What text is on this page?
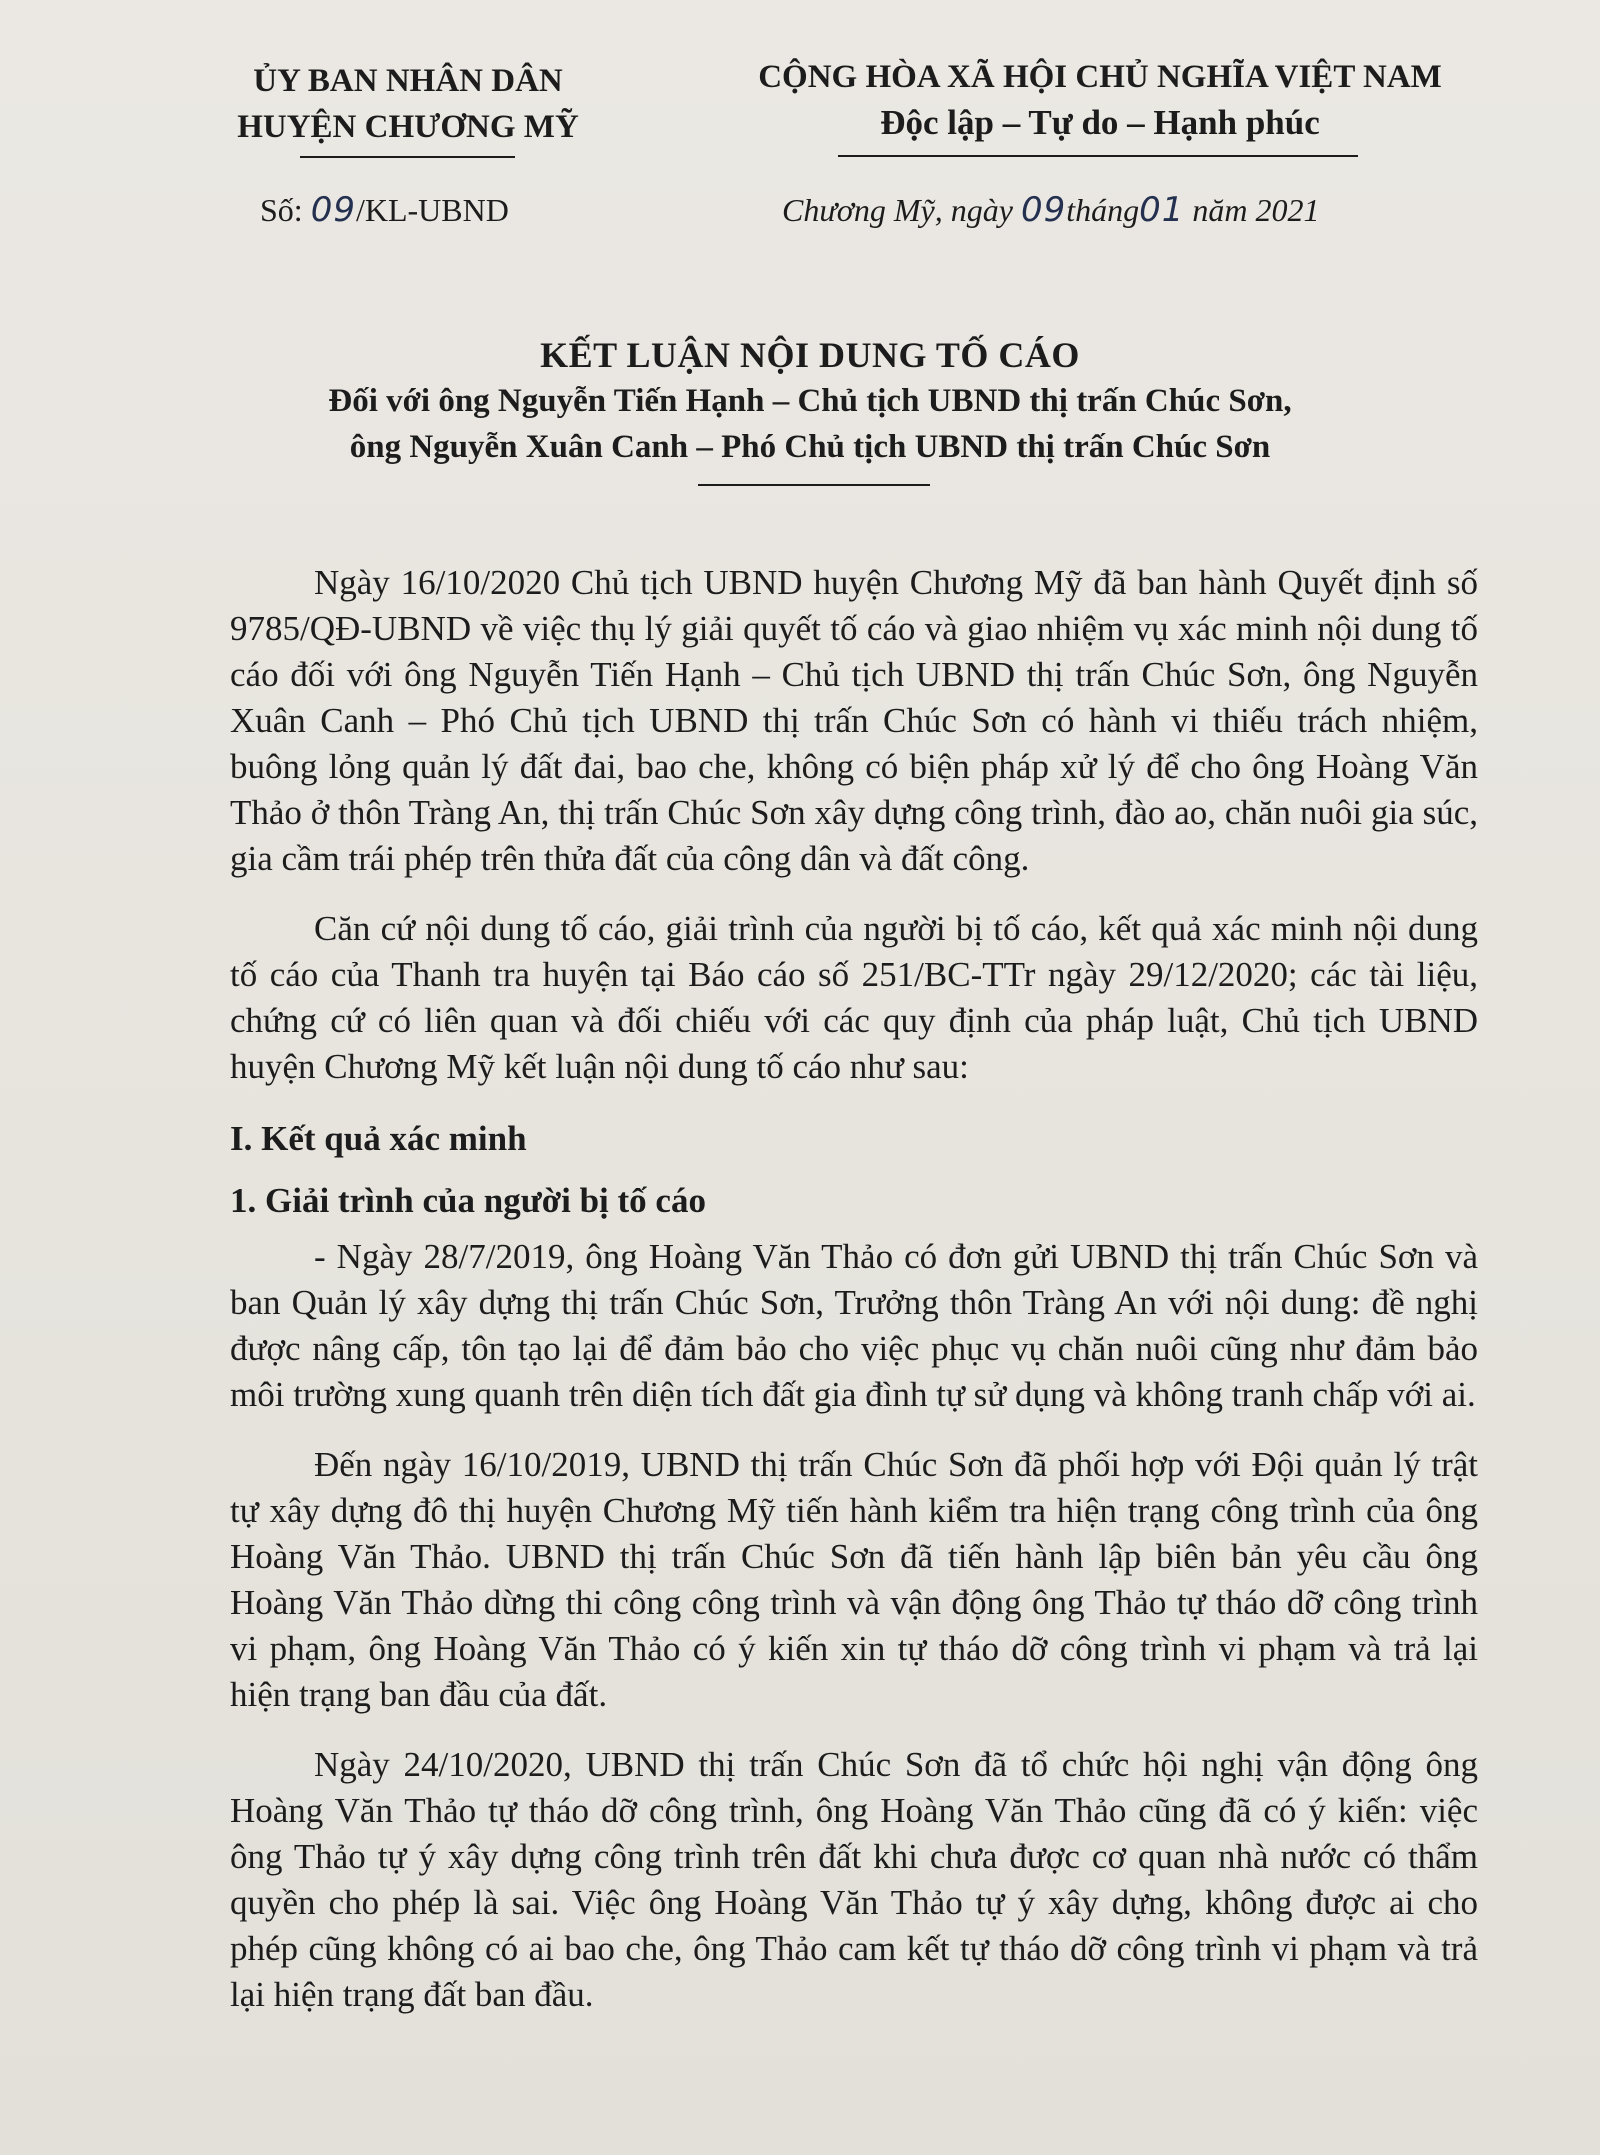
ỦY BAN NHÂN DÂN
HUYỆN CHƯƠNG MỸ
CỘNG HÒA XÃ HỘI CHỦ NGHĨA VIỆT NAM
Độc lập – Tự do – Hạnh phúc
Số: 09/KL-UBND	Chương Mỹ, ngày 09tháng01 năm 2021
KẾT LUẬN NỘI DUNG TỐ CÁO
Đối với ông Nguyễn Tiến Hạnh – Chủ tịch UBND thị trấn Chúc Sơn,
ông Nguyễn Xuân Canh – Phó Chủ tịch UBND thị trấn Chúc Sơn

Ngày 16/10/2020 Chủ tịch UBND huyện Chương Mỹ đã ban hành Quyết định số 9785/QĐ-UBND về việc thụ lý giải quyết tố cáo và giao nhiệm vụ xác minh nội dung tố cáo đối với ông Nguyễn Tiến Hạnh – Chủ tịch UBND thị trấn Chúc Sơn, ông Nguyễn Xuân Canh – Phó Chủ tịch UBND thị trấn Chúc Sơn có hành vi thiếu trách nhiệm, buông lỏng quản lý đất đai, bao che, không có biện pháp xử lý để cho ông Hoàng Văn Thảo ở thôn Tràng An, thị trấn Chúc Sơn xây dựng công trình, đào ao, chăn nuôi gia súc, gia cầm trái phép trên thửa đất của công dân và đất công.

Căn cứ nội dung tố cáo, giải trình của người bị tố cáo, kết quả xác minh nội dung tố cáo của Thanh tra huyện tại Báo cáo số 251/BC-TTr ngày 29/12/2020; các tài liệu, chứng cứ có liên quan và đối chiếu với các quy định của pháp luật, Chủ tịch UBND huyện Chương Mỹ kết luận nội dung tố cáo như sau:

I. Kết quả xác minh
1. Giải trình của người bị tố cáo

- Ngày 28/7/2019, ông Hoàng Văn Thảo có đơn gửi UBND thị trấn Chúc Sơn và ban Quản lý xây dựng thị trấn Chúc Sơn, Trưởng thôn Tràng An với nội dung: đề nghị được nâng cấp, tôn tạo lại để đảm bảo cho việc phục vụ chăn nuôi cũng như đảm bảo môi trường xung quanh trên diện tích đất gia đình tự sử dụng và không tranh chấp với ai.

Đến ngày 16/10/2019, UBND thị trấn Chúc Sơn đã phối hợp với Đội quản lý trật tự xây dựng đô thị huyện Chương Mỹ tiến hành kiểm tra hiện trạng công trình của ông Hoàng Văn Thảo. UBND thị trấn Chúc Sơn đã tiến hành lập biên bản yêu cầu ông Hoàng Văn Thảo dừng thi công công trình và vận động ông Thảo tự tháo dỡ công trình vi phạm, ông Hoàng Văn Thảo có ý kiến xin tự tháo dỡ công trình vi phạm và trả lại hiện trạng ban đầu của đất.

Ngày 24/10/2020, UBND thị trấn Chúc Sơn đã tổ chức hội nghị vận động ông Hoàng Văn Thảo tự tháo dỡ công trình, ông Hoàng Văn Thảo cũng đã có ý kiến: việc ông Thảo tự ý xây dựng công trình trên đất khi chưa được cơ quan nhà nước có thẩm quyền cho phép là sai. Việc ông Hoàng Văn Thảo tự ý xây dựng, không được ai cho phép cũng không có ai bao che, ông Thảo cam kết tự tháo dỡ công trình vi phạm và trả lại hiện trạng đất ban đầu.
